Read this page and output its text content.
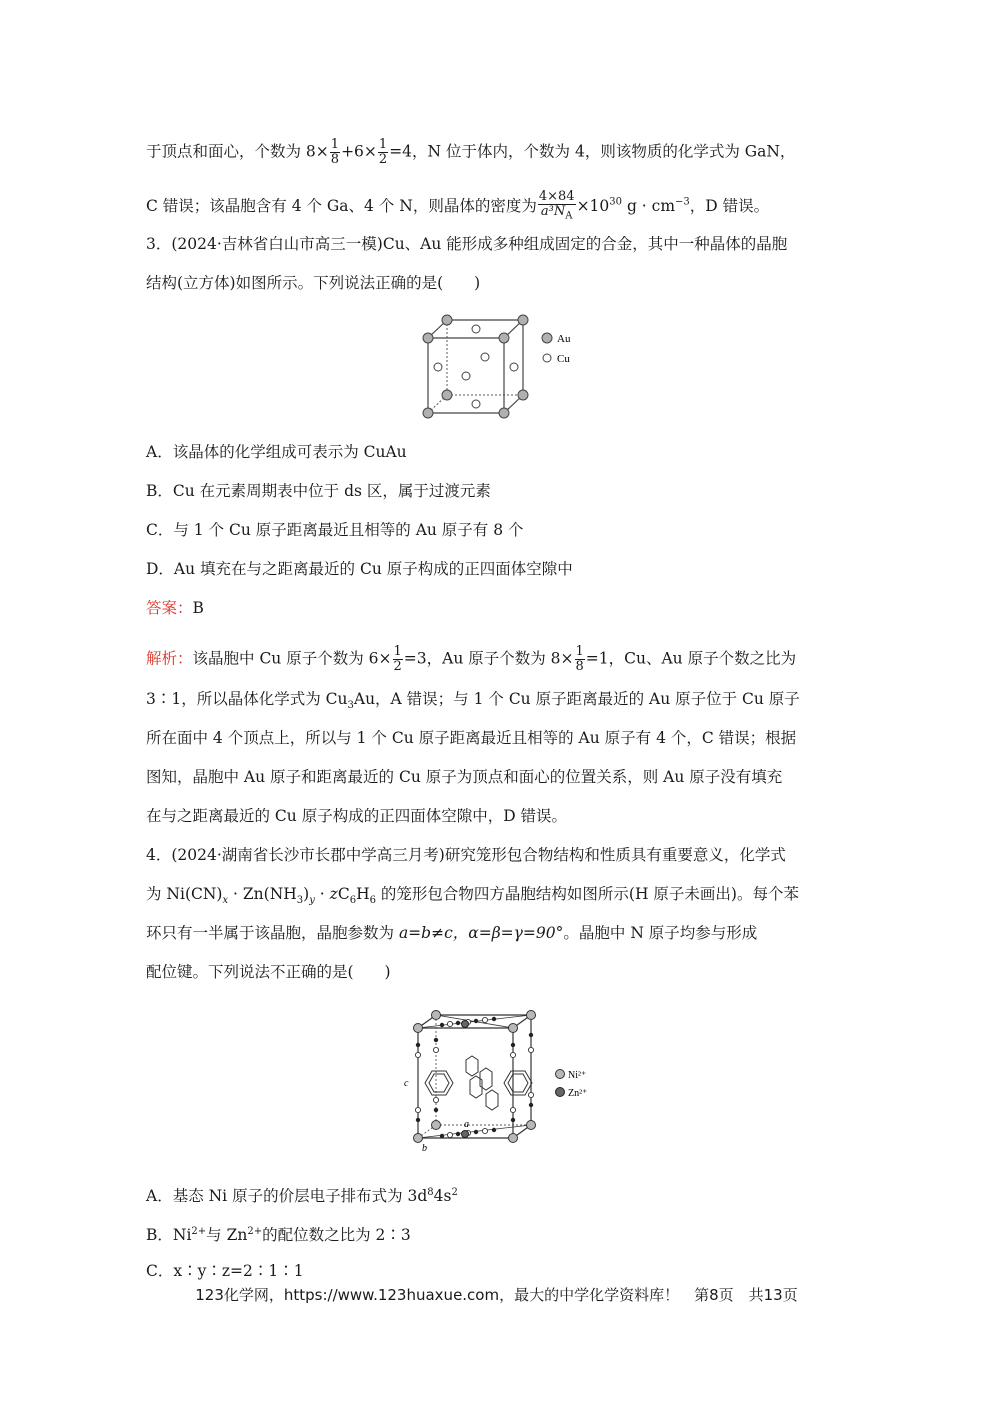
于顶点和面心，个数为 $8\times \frac{1}{8} +6\times \frac{1}{2} =4$，N 位于体内，个数为 4，则该物质的化学式为 GaN，
C 错误；该晶胞含有 4 个 Ga、4 个 N，则晶体的密度为 $\frac{4\times 84}{a^3N_A} \times 10^{30}$ $g \cdot cm^{-3}$，D 错误。
3．(2024·吉林省白山市高三一模)Cu、Au 能形成多种组成固定的合金，其中一种晶体的晶胞
结构(立方体)如图所示。下列说法正确的是(　　)
Au
Cu
A．该晶体的化学组成可表示为 CuAu
B．Cu 在元素周期表中位于 ds 区，属于过渡元素
C．与 1 个 Cu 原子距离最近且相等的 Au 原子有 8 个
D．Au 填充在与之距离最近的 Cu 原子构成的正四面体空隙中
答案：B
解析：该晶胞中 Cu 原子个数为 $6\times \frac{1}{2} =3$，Au 原子个数为 $8\times \frac{1}{8} =1$，Cu、Au 原子个数之比为
3∶1，所以晶体化学式为 $Cu_3Au$，A 错误；与 1 个 Cu 原子距离最近的 Au 原子位于 Cu 原子
所在面中 4 个顶点上，所以与 1 个 Cu 原子距离最近且相等的 Au 原子有 4 个，C 错误；根据
图知，晶胞中 Au 原子和距离最近的 Cu 原子为顶点和面心的位置关系，则 Au 原子没有填充
在与之距离最近的 Cu 原子构成的正四面体空隙中，D 错误。
4．(2024·湖南省长沙市长郡中学高三月考)研究笼形包合物结构和性质具有重要意义，化学式
为 $Ni(CN)_x \cdot Zn(NH_3)_y \cdot zC_6H_6$ 的笼形包合物四方晶胞结构如图所示(H 原子未画出)。每个苯
环只有一半属于该晶胞，晶胞参数为 a=b≠c，α=β=γ=90°。晶胞中 N 原子均参与形成
配位键。下列说法不正确的是(　　)
c
a
b
Ni²⁺
Zn²⁺
A．基态 Ni 原子的价层电子排布式为 $3d^84s^2$
B．$Ni^{2+}$与 $Zn^{2+}$的配位数之比为 2∶3
C．x∶y∶z=2∶1∶1
123化学网，https://www.123huaxue.com，最大的中学化学资料库！　第8页　共13页
